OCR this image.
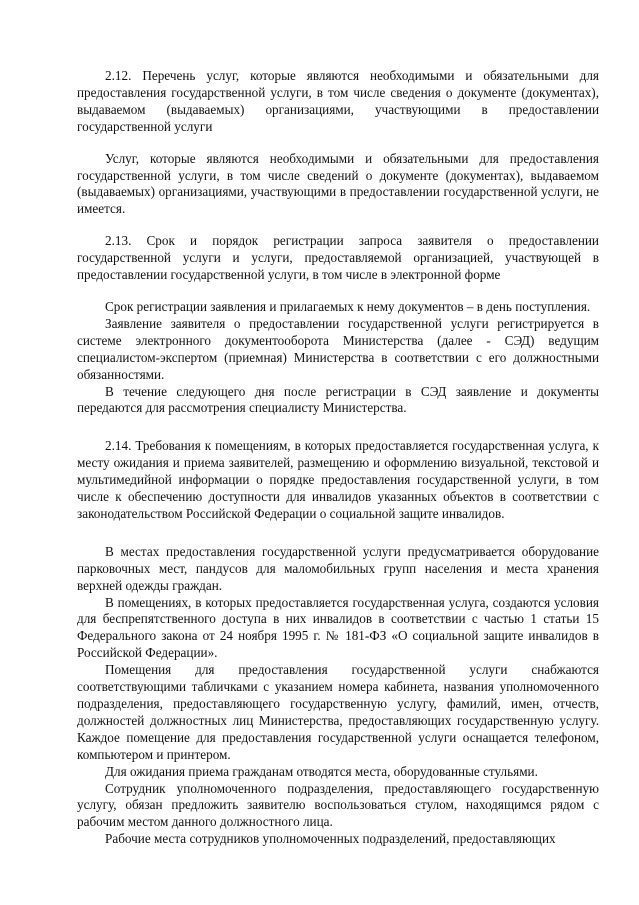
2.12. Перечень услуг, которые являются необходимыми и обязательными для предоставления государственной услуги, в том числе сведения о документе (документах), выдаваемом (выдаваемых) организациями, участвующими в предоставлении государственной услуги

Услуг, которые являются необходимыми и обязательными для предоставления государственной услуги, в том числе сведений о документе (документах), выдаваемом (выдаваемых) организациями, участвующими в предоставлении государственной услуги, не имеется.

2.13. Срок и порядок регистрации запроса заявителя о предоставлении государственной услуги и услуги, предоставляемой организацией, участвующей в предоставлении государственной услуги, в том числе в электронной форме

Срок регистрации заявления и прилагаемых к нему документов – в день поступления.

Заявление заявителя о предоставлении государственной услуги регистрируется в системе электронного документооборота Министерства (далее - СЭД) ведущим специалистом-экспертом (приемная) Министерства в соответствии с его должностными обязанностями.

В течение следующего дня после регистрации в СЭД заявление и документы передаются для рассмотрения специалисту Министерства.

2.14. Требования к помещениям, в которых предоставляется государственная услуга, к месту ожидания и приема заявителей, размещению и оформлению визуальной, текстовой и мультимедийной информации о порядке предоставления государственной услуги, в том числе к обеспечению доступности для инвалидов указанных объектов в соответствии с законодательством Российской Федерации о социальной защите инвалидов.

В местах предоставления государственной услуги предусматривается оборудование парковочных мест, пандусов для маломобильных групп населения и места хранения верхней одежды граждан.

В помещениях, в которых предоставляется государственная услуга, создаются условия для беспрепятственного доступа в них инвалидов в соответствии с частью 1 статьи 15 Федерального закона от 24 ноября 1995 г. № 181-ФЗ «О социальной защите инвалидов в Российской Федерации».

Помещения для предоставления государственной услуги снабжаются соответствующими табличками с указанием номера кабинета, названия уполномоченного подразделения, предоставляющего государственную услугу, фамилий, имен, отчеств, должностей должностных лиц Министерства, предоставляющих государственную услугу. Каждое помещение для предоставления государственной услуги оснащается телефоном, компьютером и принтером.

Для ожидания приема гражданам отводятся места, оборудованные стульями.

Сотрудник уполномоченного подразделения, предоставляющего государственную услугу, обязан предложить заявителю воспользоваться стулом, находящимся рядом с рабочим местом данного должностного лица.

Рабочие места сотрудников уполномоченных подразделений, предоставляющих
